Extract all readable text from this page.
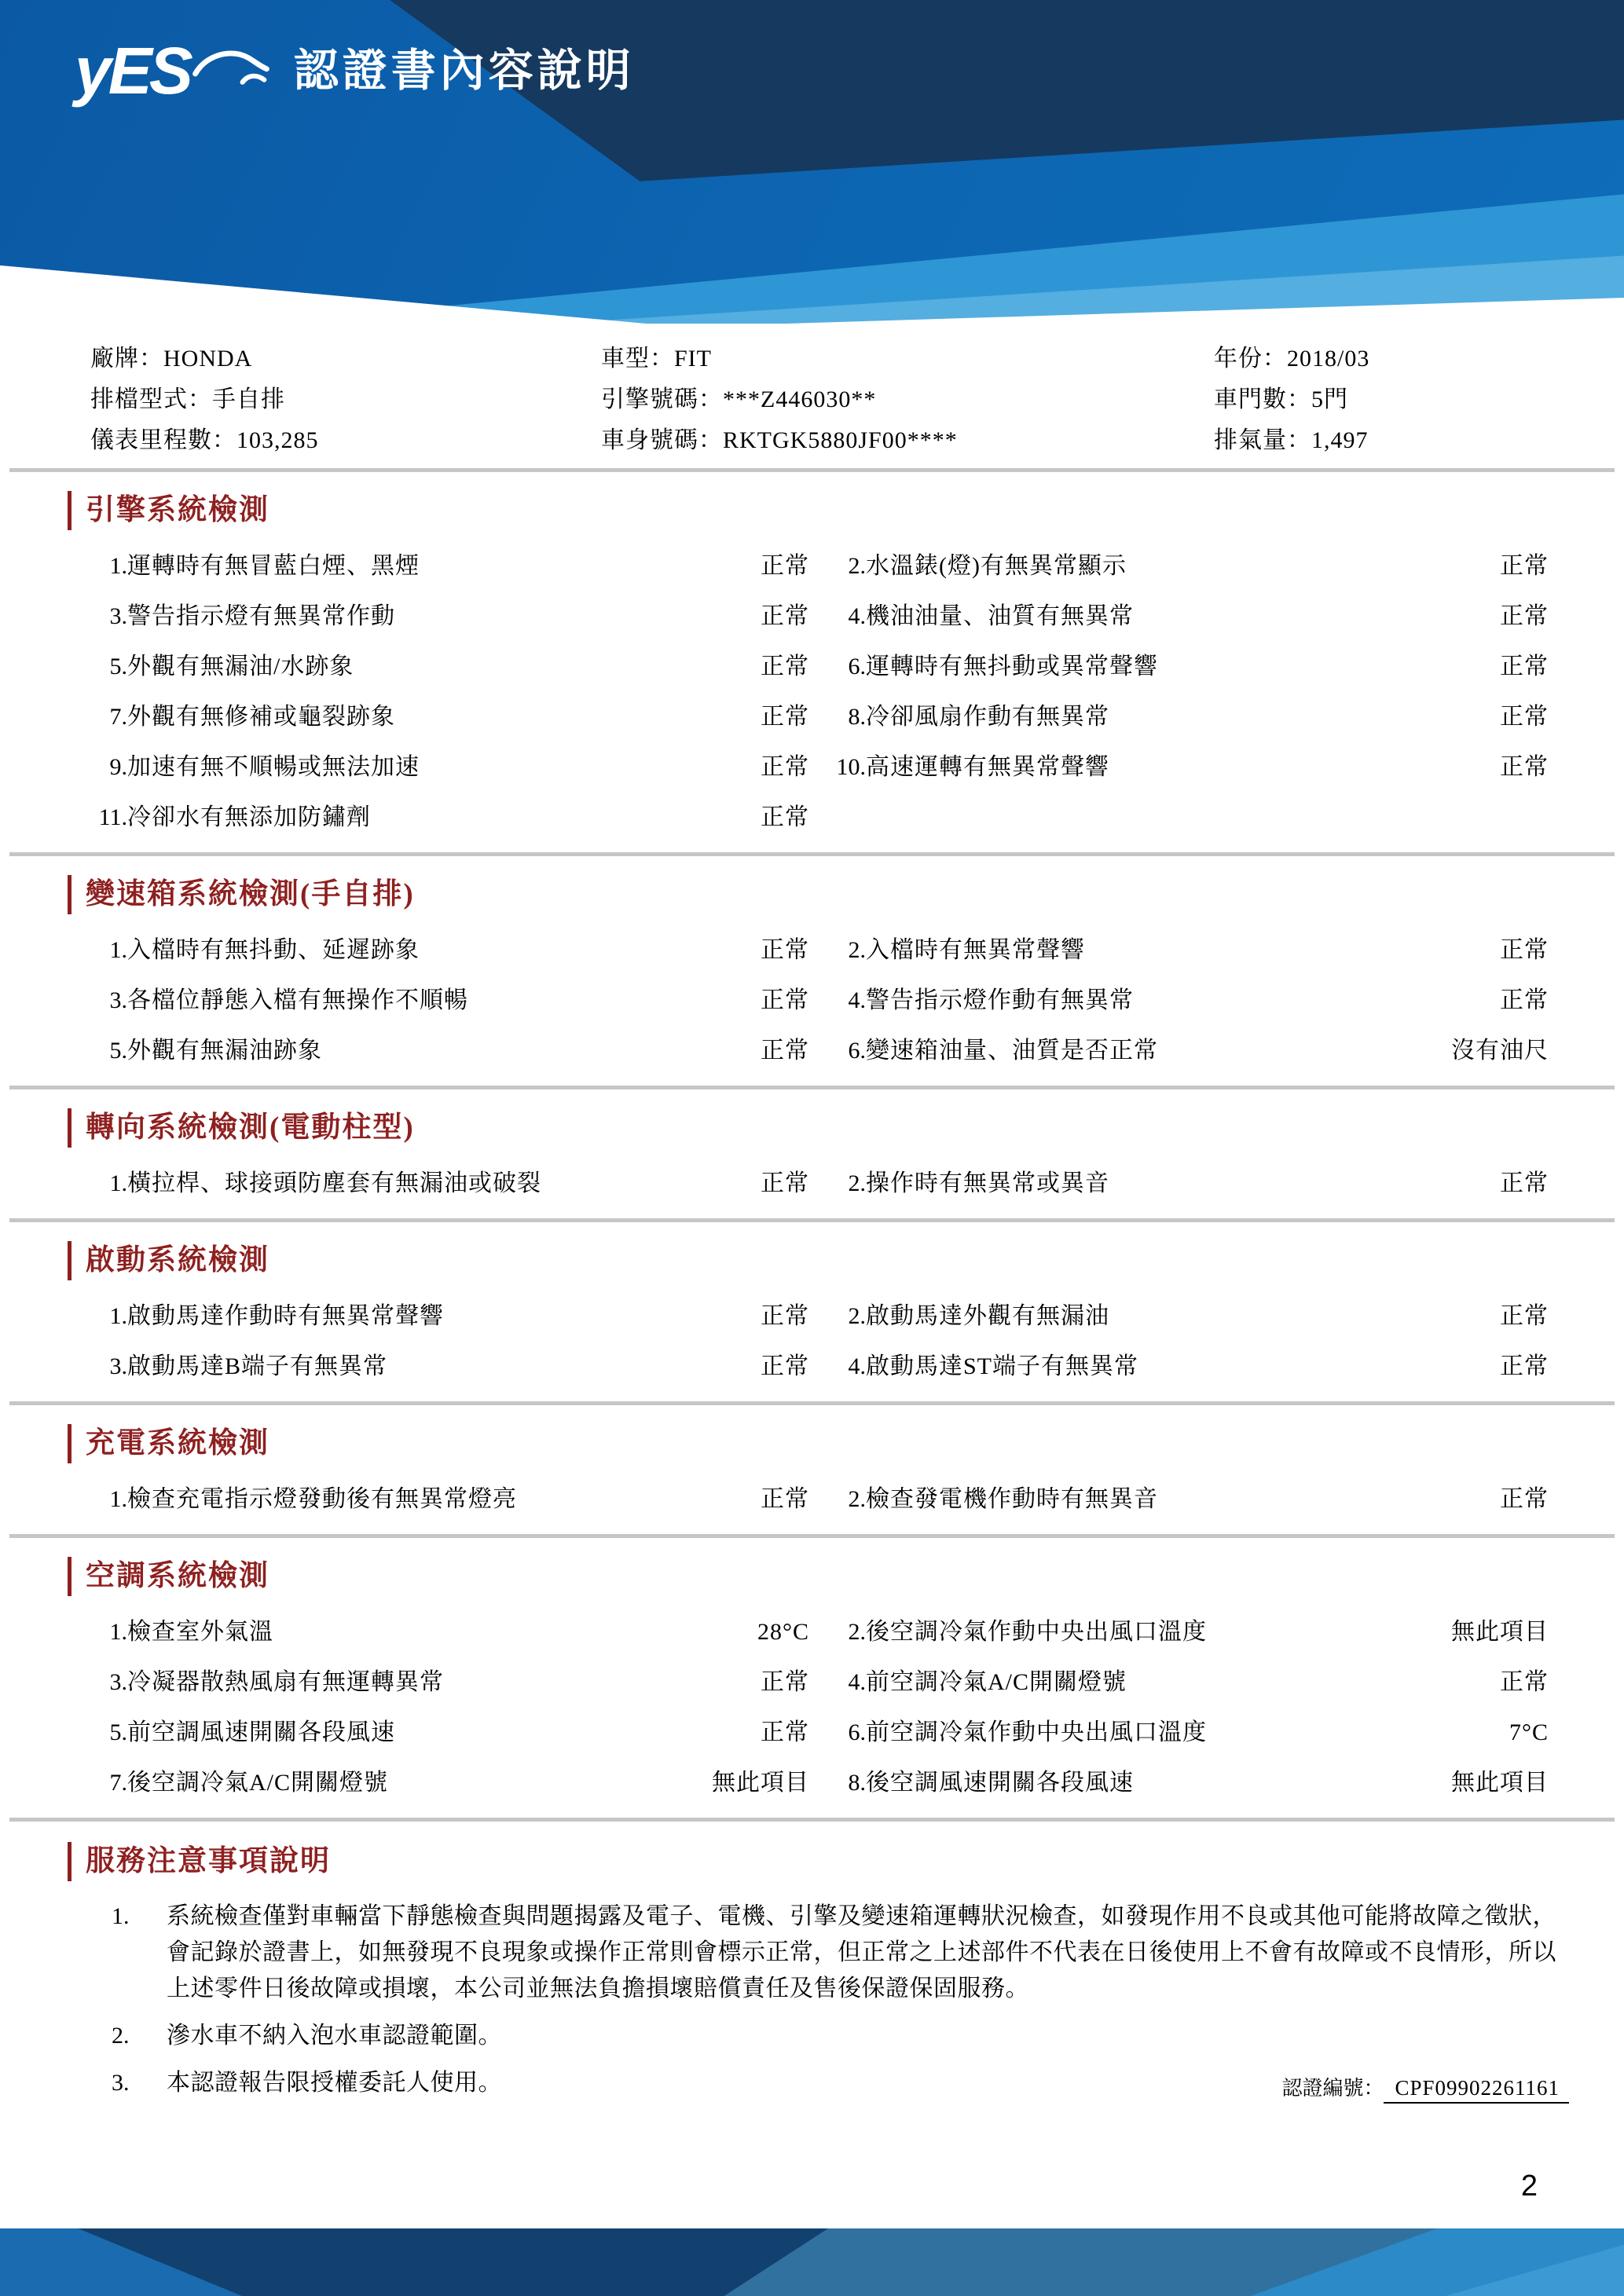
yES 認證書內容說明
廠牌：HONDA	車型：FIT	年份：2018/03
排檔型式：手自排	引擎號碼：***Z446030**	車門數：5門
儀表里程數：103,285	車身號碼：RKTGK5880JF00****	排氣量：1,497
引擎系統檢測
1. 運轉時有無冒藍白煙、黑煙	正常	2. 水溫錶(燈)有無異常顯示	正常
3. 警告指示燈有無異常作動	正常	4. 機油油量、油質有無異常	正常
5. 外觀有無漏油/水跡象	正常	6. 運轉時有無抖動或異常聲響	正常
7. 外觀有無修補或龜裂跡象	正常	8. 冷卻風扇作動有無異常	正常
9. 加速有無不順暢或無法加速	正常	10. 高速運轉有無異常聲響	正常
11. 冷卻水有無添加防鏽劑	正常
變速箱系統檢測(手自排)
1. 入檔時有無抖動、延遲跡象	正常	2. 入檔時有無異常聲響	正常
3. 各檔位靜態入檔有無操作不順暢	正常	4. 警告指示燈作動有無異常	正常
5. 外觀有無漏油跡象	正常	6. 變速箱油量、油質是否正常	沒有油尺
轉向系統檢測(電動柱型)
1. 橫拉桿、球接頭防塵套有無漏油或破裂	正常	2. 操作時有無異常或異音	正常
啟動系統檢測
1. 啟動馬達作動時有無異常聲響	正常	2. 啟動馬達外觀有無漏油	正常
3. 啟動馬達B端子有無異常	正常	4. 啟動馬達ST端子有無異常	正常
充電系統檢測
1. 檢查充電指示燈發動後有無異常燈亮	正常	2. 檢查發電機作動時有無異音	正常
空調系統檢測
1. 檢查室外氣溫	28°C	2. 後空調冷氣作動中央出風口溫度	無此項目
3. 冷凝器散熱風扇有無運轉異常	正常	4. 前空調冷氣A/C開關燈號	正常
5. 前空調風速開關各段風速	正常	6. 前空調冷氣作動中央出風口溫度	7°C
7. 後空調冷氣A/C開關燈號	無此項目	8. 後空調風速開關各段風速	無此項目
服務注意事項說明
1.	系統檢查僅對車輛當下靜態檢查與問題揭露及電子、電機、引擎及變速箱運轉狀況檢查，如發現作用不良或其他可能將故障之徵狀，會記錄於證書上，如無發現不良現象或操作正常則會標示正常，但正常之上述部件不代表在日後使用上不會有故障或不良情形，所以上述零件日後故障或損壞，本公司並無法負擔損壞賠償責任及售後保證保固服務。
2.	滲水車不納入泡水車認證範圍。
3.	本認證報告限授權委託人使用。	認證編號： CPF09902261161
2
